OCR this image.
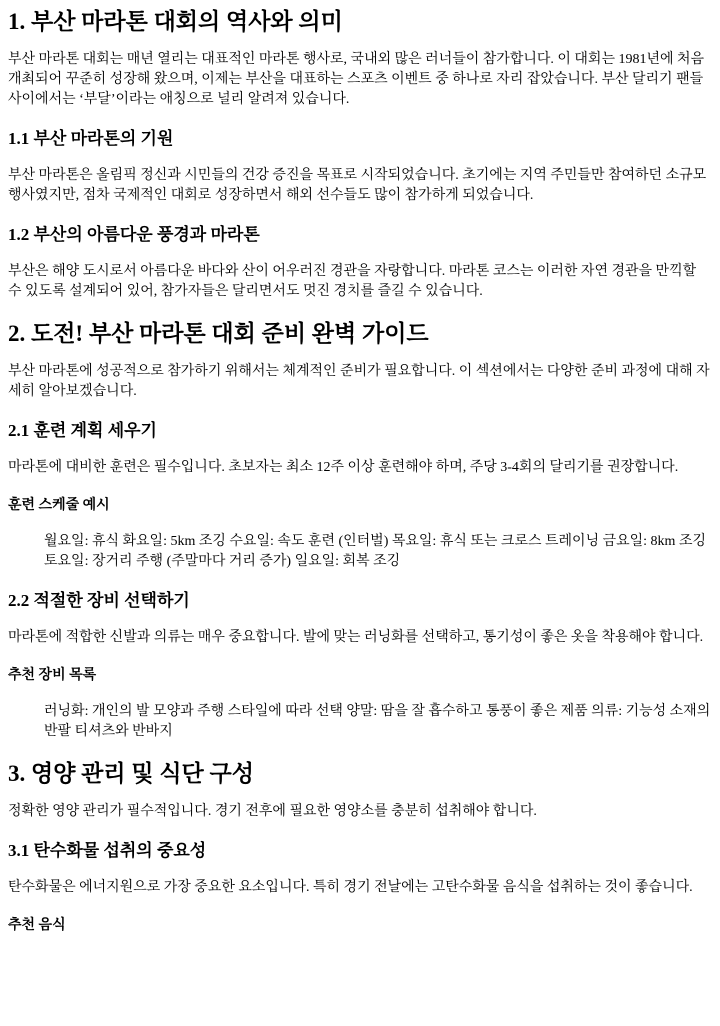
1. 부산 마라톤 대회의 역사와 의미

부산 마라톤 대회는 매년 열리는 대표적인 마라톤 행사로, 국내외 많은 러너들이 참가합니다. 이 대회는 1981년에 처음 개최되어 꾸준히 성장해 왔으며, 이제는 부산을 대표하는 스포츠 이벤트 중 하나로 자리 잡았습니다. 부산 달리기 팬들 사이에서는 ‘부달’이라는 애칭으로 널리 알려져 있습니다.

1.1 부산 마라톤의 기원

부산 마라톤은 올림픽 정신과 시민들의 건강 증진을 목표로 시작되었습니다. 초기에는 지역 주민들만 참여하던 소규모 행사였지만, 점차 국제적인 대회로 성장하면서 해외 선수들도 많이 참가하게 되었습니다.

1.2 부산의 아름다운 풍경과 마라톤

부산은 해양 도시로서 아름다운 바다와 산이 어우러진 경관을 자랑합니다. 마라톤 코스는 이러한 자연 경관을 만끽할 수 있도록 설계되어 있어, 참가자들은 달리면서도 멋진 경치를 즐길 수 있습니다.

2. 도전! 부산 마라톤 대회 준비 완벽 가이드

부산 마라톤에 성공적으로 참가하기 위해서는 체계적인 준비가 필요합니다. 이 섹션에서는 다양한 준비 과정에 대해 자세히 알아보겠습니다.

2.1 훈련 계획 세우기

마라톤에 대비한 훈련은 필수입니다. 초보자는 최소 12주 이상 훈련해야 하며, 주당 3-4회의 달리기를 권장합니다.

훈련 스케줄 예시

월요일: 휴식 화요일: 5km 조깅 수요일: 속도 훈련 (인터벌) 목요일: 휴식 또는 크로스 트레이닝 금요일: 8km 조깅 토요일: 장거리 주행 (주말마다 거리 증가) 일요일: 회복 조깅

2.2 적절한 장비 선택하기

마라톤에 적합한 신발과 의류는 매우 중요합니다. 발에 맞는 러닝화를 선택하고, 통기성이 좋은 옷을 착용해야 합니다.

추천 장비 목록

러닝화: 개인의 발 모양과 주행 스타일에 따라 선택 양말: 땀을 잘 흡수하고 통풍이 좋은 제품 의류: 기능성 소재의 반팔 티셔츠와 반바지

3. 영양 관리 및 식단 구성

정확한 영양 관리가 필수적입니다. 경기 전후에 필요한 영양소를 충분히 섭취해야 합니다.

3.1 탄수화물 섭취의 중요성

탄수화물은 에너지원으로 가장 중요한 요소입니다. 특히 경기 전날에는 고탄수화물 음식을 섭취하는 것이 좋습니다.

추천 음식
